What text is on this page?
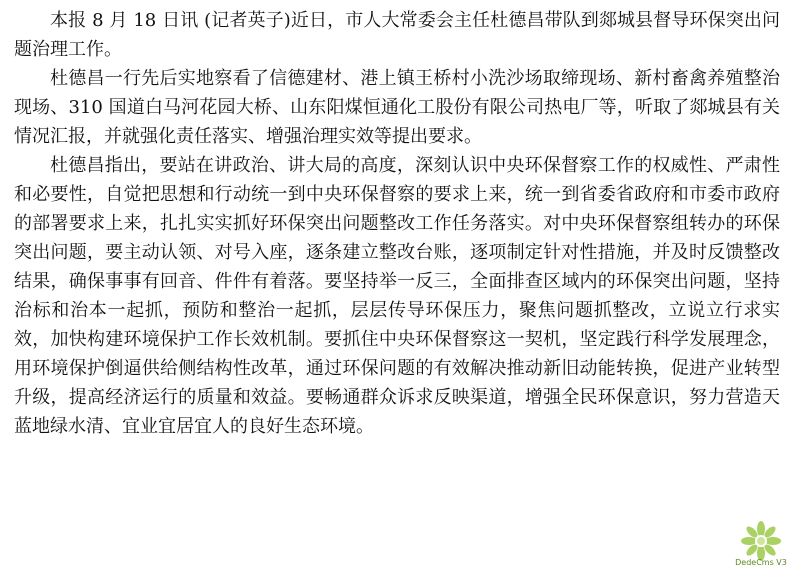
本报 8 月 18 日讯 (记者英子)近日，市人大常委会主任杜德昌带队到郯城县督导环保突出问题治理工作。

杜德昌一行先后实地察看了信德建材、港上镇王桥村小洗沙场取缔现场、新村畜禽养殖整治现场、310 国道白马河花园大桥、山东阳煤恒通化工股份有限公司热电厂等，听取了郯城县有关情况汇报，并就强化责任落实、增强治理实效等提出要求。

杜德昌指出，要站在讲政治、讲大局的高度，深刻认识中央环保督察工作的权威性、严肃性和必要性，自觉把思想和行动统一到中央环保督察的要求上来，统一到省委省政府和市委市政府的部署要求上来，扎扎实实抓好环保突出问题整改工作任务落实。对中央环保督察组转办的环保突出问题，要主动认领、对号入座，逐条建立整改台账，逐项制定针对性措施，并及时反馈整改结果，确保事事有回音、件件有着落。要坚持举一反三，全面排查区域内的环保突出问题，坚持治标和治本一起抓，预防和整治一起抓，层层传导环保压力，聚焦问题抓整改，立说立行求实效，加快构建环境保护工作长效机制。要抓住中央环保督察这一契机，坚定践行科学发展理念，用环境保护倒逼供给侧结构性改革，通过环保问题的有效解决推动新旧动能转换，促进产业转型升级，提高经济运行的质量和效益。要畅通群众诉求反映渠道，增强全民环保意识，努力营造天蓝地绿水清、宜业宜居宜人的良好生态环境。

DedeCms V3
